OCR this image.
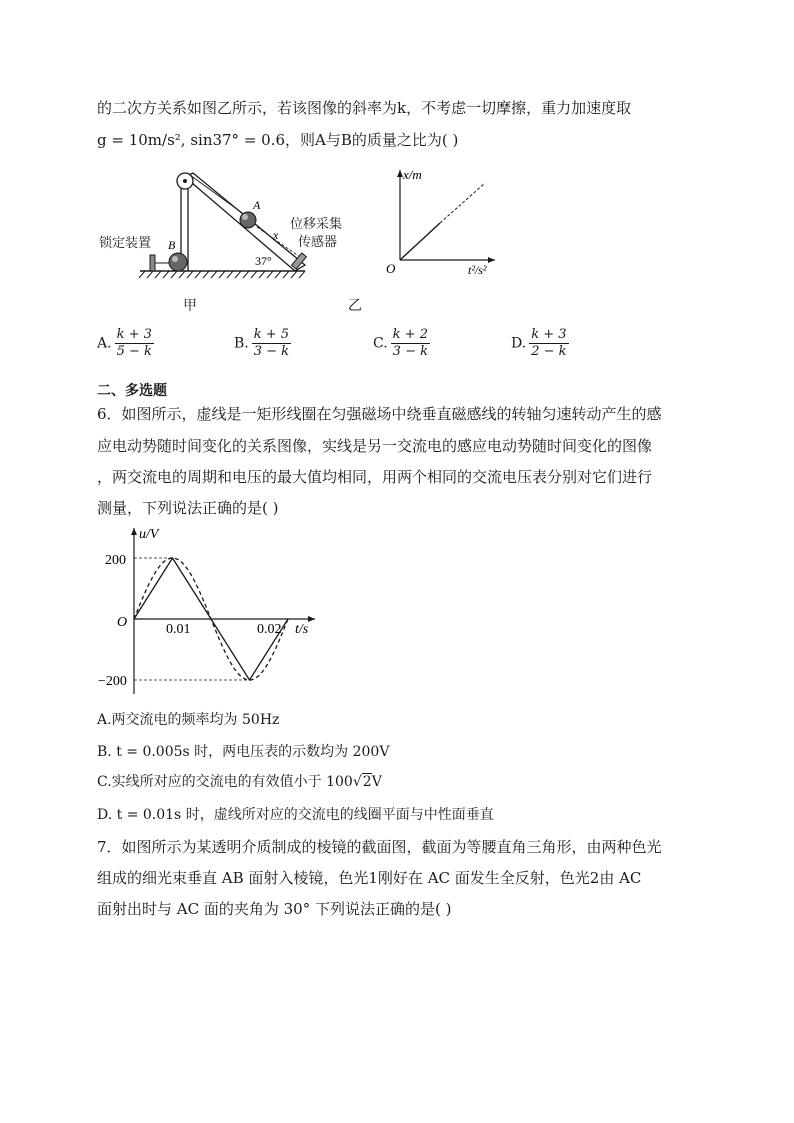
的二次方关系如图乙所示，若该图像的斜率为k，不考虑一切摩擦，重力加速度取
g = 10m/s², sin37° = 0.6，则A与B的质量之比为( )
A
x
B
37°
锁定装置
位移采集
传感器
甲
x/m
O	t²/s²
乙
A. $\frac{k + 3}{5 - k}$	B. $\frac{k + 5}{3 - k}$	C. $\frac{k + 2}{3 - k}$	D. $\frac{k + 3}{2 - k}$
二、多选题
6．如图所示，虚线是一矩形线圈在匀强磁场中绕垂直磁感线的转轴匀速转动产生的感
应电动势随时间变化的关系图像，实线是另一交流电的感应电动势随时间变化的图像
，两交流电的周期和电压的最大值均相同，用两个相同的交流电压表分别对它们进行
测量，下列说法正确的是( )
u/V
O
200
−200
0.01	0.02 t/s
A.两交流电的频率均为 50Hz
B. t = 0.005s 时，两电压表的示数均为 200V
C.实线所对应的交流电的有效值小于 100√2V
D. t = 0.01s 时，虚线所对应的交流电的线圈平面与中性面垂直
7．如图所示为某透明介质制成的棱镜的截面图，截面为等腰直角三角形，由两种色光
组成的细光束垂直 AB 面射入棱镜，色光1刚好在 AC 面发生全反射，色光2由 AC
面射出时与 AC 面的夹角为 30° 下列说法正确的是( )
